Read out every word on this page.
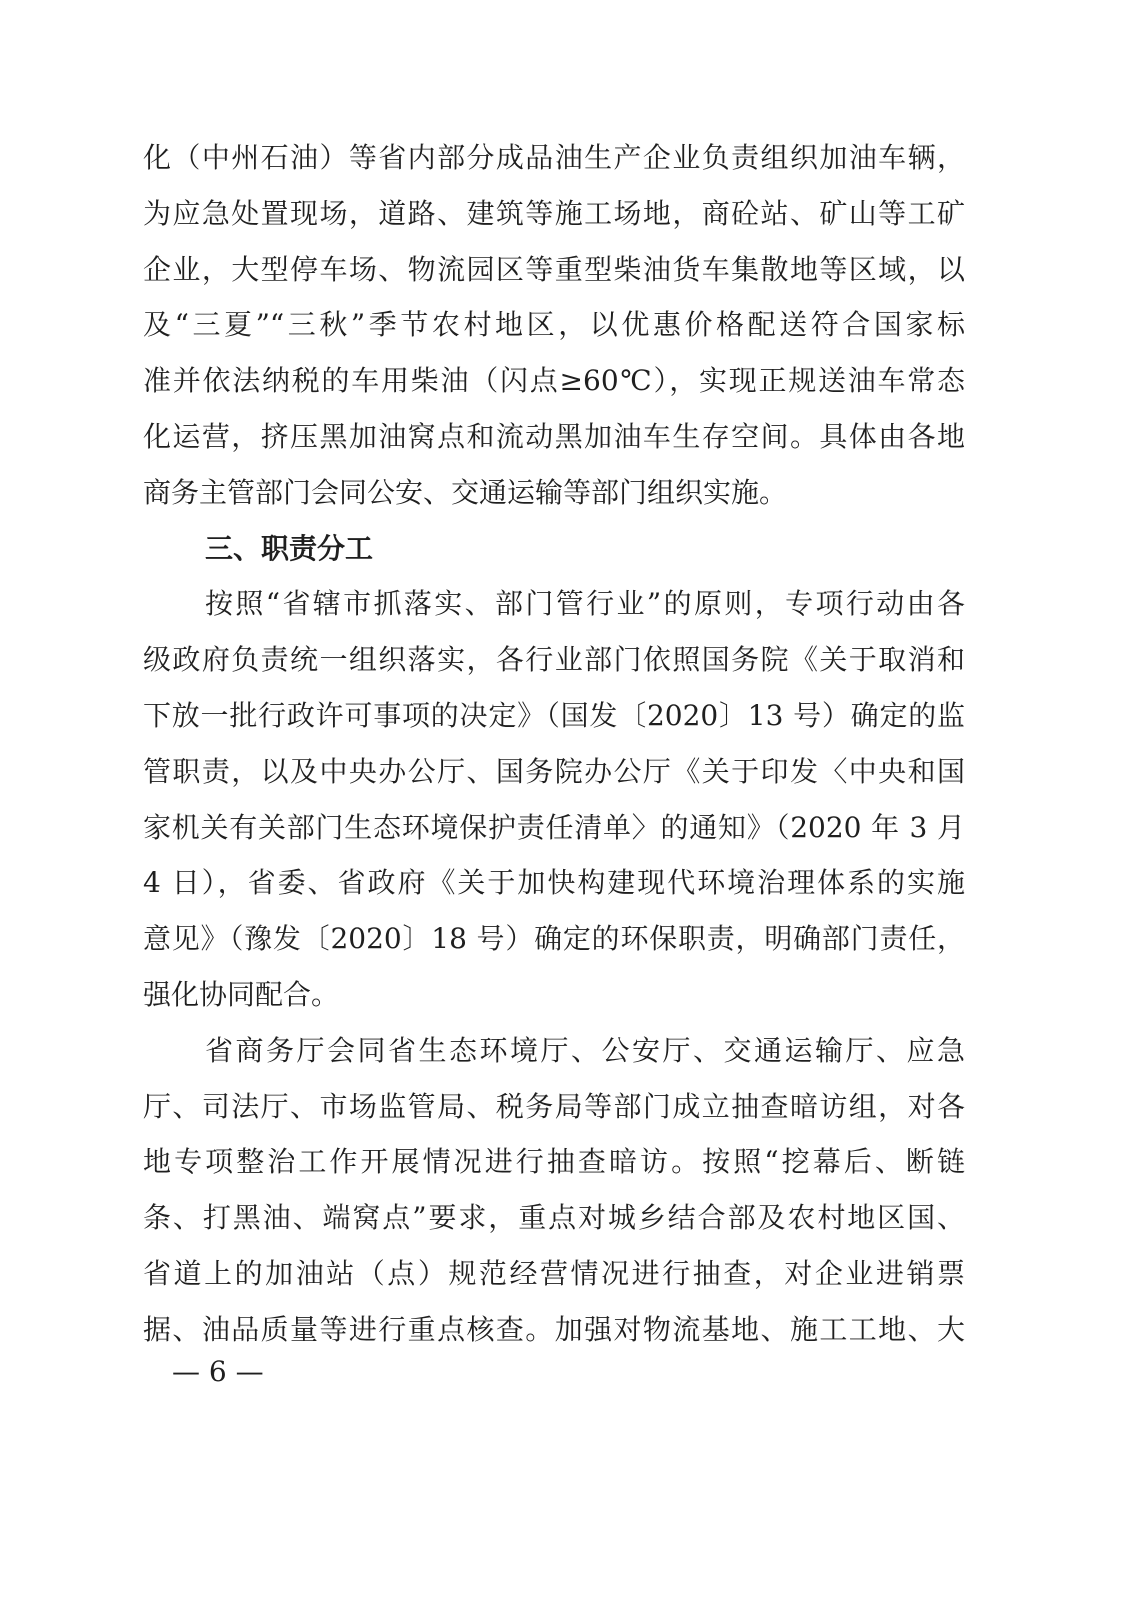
化（中州石油）等省内部分成品油生产企业负责组织加油车辆，
为应急处置现场，道路、建筑等施工场地，商砼站、矿山等工矿
企业，大型停车场、物流园区等重型柴油货车集散地等区域，以
及“三夏”“三秋”季节农村地区，以优惠价格配送符合国家标
准并依法纳税的车用柴油（闪点≥60℃），实现正规送油车常态
化运营，挤压黑加油窝点和流动黑加油车生存空间。具体由各地
商务主管部门会同公安、交通运输等部门组织实施。
三、职责分工
按照“省辖市抓落实、部门管行业”的原则，专项行动由各
级政府负责统一组织落实，各行业部门依照国务院《关于取消和
下放一批行政许可事项的决定》（国发〔2020〕13 号）确定的监
管职责，以及中央办公厅、国务院办公厅《关于印发〈中央和国
家机关有关部门生态环境保护责任清单〉的通知》（2020 年 3 月
4 日），省委、省政府《关于加快构建现代环境治理体系的实施
意见》（豫发〔2020〕18 号）确定的环保职责，明确部门责任，
强化协同配合。
省商务厅会同省生态环境厅、公安厅、交通运输厅、应急
厅、司法厅、市场监管局、税务局等部门成立抽查暗访组，对各
地专项整治工作开展情况进行抽查暗访。按照“挖幕后、断链
条、打黑油、端窝点”要求，重点对城乡结合部及农村地区国、
省道上的加油站（点）规范经营情况进行抽查，对企业进销票
据、油品质量等进行重点核查。加强对物流基地、施工工地、大
— 6 —
